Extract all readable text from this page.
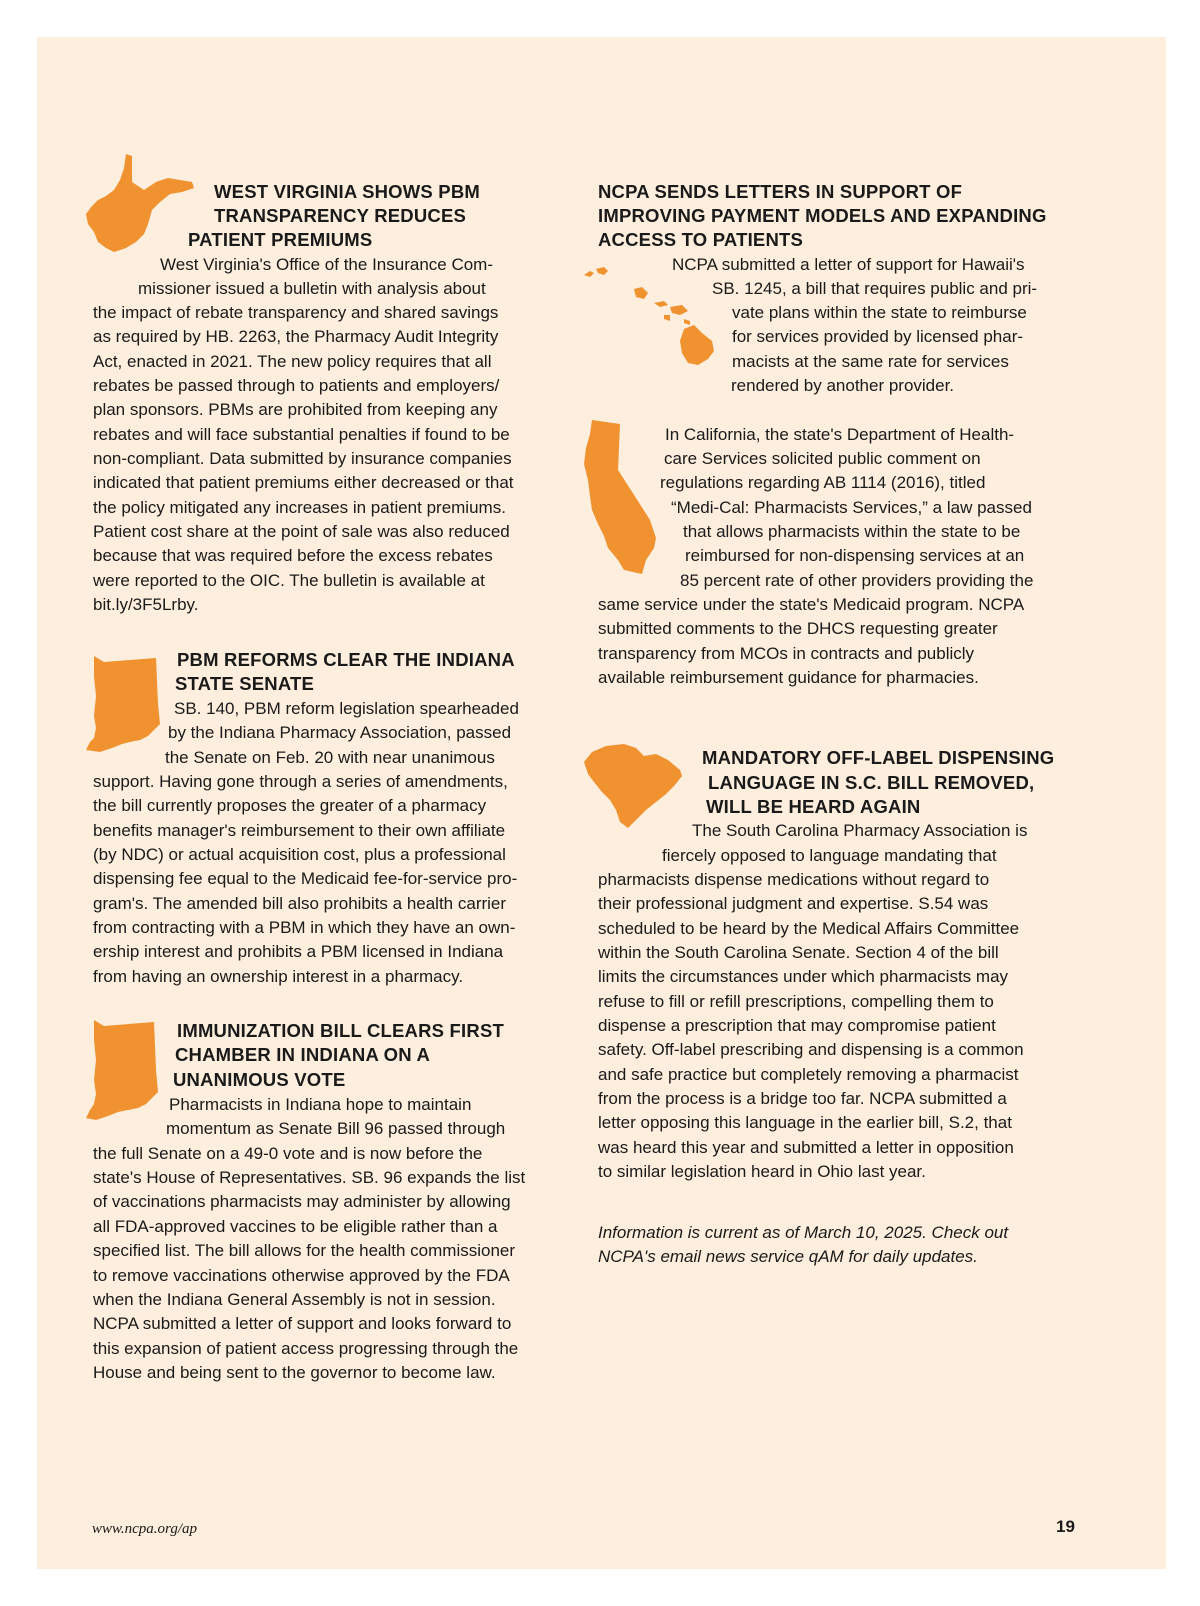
WEST VIRGINIA SHOWS PBM
TRANSPARENCY REDUCES
PATIENT PREMIUMS
West Virginia's Office of the Insurance Com-
missioner issued a bulletin with analysis about
the impact of rebate transparency and shared savings
as required by HB. 2263, the Pharmacy Audit Integrity
Act, enacted in 2021. The new policy requires that all
rebates be passed through to patients and employers/
plan sponsors. PBMs are prohibited from keeping any
rebates and will face substantial penalties if found to be
non-compliant. Data submitted by insurance companies
indicated that patient premiums either decreased or that
the policy mitigated any increases in patient premiums.
Patient cost share at the point of sale was also reduced
because that was required before the excess rebates
were reported to the OIC. The bulletin is available at
bit.ly/3F5Lrby.
PBM REFORMS CLEAR THE INDIANA
STATE SENATE
SB. 140, PBM reform legislation spearheaded
by the Indiana Pharmacy Association, passed
the Senate on Feb. 20 with near unanimous
support. Having gone through a series of amendments,
the bill currently proposes the greater of a pharmacy
benefits manager's reimbursement to their own affiliate
(by NDC) or actual acquisition cost, plus a professional
dispensing fee equal to the Medicaid fee-for-service pro-
gram's. The amended bill also prohibits a health carrier
from contracting with a PBM in which they have an own-
ership interest and prohibits a PBM licensed in Indiana
from having an ownership interest in a pharmacy.
IMMUNIZATION BILL CLEARS FIRST
CHAMBER IN INDIANA ON A
UNANIMOUS VOTE
Pharmacists in Indiana hope to maintain
momentum as Senate Bill 96 passed through
the full Senate on a 49-0 vote and is now before the
state's House of Representatives. SB. 96 expands the list
of vaccinations pharmacists may administer by allowing
all FDA-approved vaccines to be eligible rather than a
specified list. The bill allows for the health commissioner
to remove vaccinations otherwise approved by the FDA
when the Indiana General Assembly is not in session.
NCPA submitted a letter of support and looks forward to
this expansion of patient access progressing through the
House and being sent to the governor to become law.
NCPA SENDS LETTERS IN SUPPORT OF
IMPROVING PAYMENT MODELS AND EXPANDING
ACCESS TO PATIENTS
NCPA submitted a letter of support for Hawaii's
SB. 1245, a bill that requires public and pri-
vate plans within the state to reimburse
for services provided by licensed phar-
macists at the same rate for services
rendered by another provider.
In California, the state's Department of Health-
care Services solicited public comment on
regulations regarding AB 1114 (2016), titled
“Medi-Cal: Pharmacists Services,” a law passed
that allows pharmacists within the state to be
reimbursed for non-dispensing services at an
85 percent rate of other providers providing the
same service under the state's Medicaid program. NCPA
submitted comments to the DHCS requesting greater
transparency from MCOs in contracts and publicly
available reimbursement guidance for pharmacies.
MANDATORY OFF-LABEL DISPENSING
LANGUAGE IN S.C. BILL REMOVED,
WILL BE HEARD AGAIN
The South Carolina Pharmacy Association is
fiercely opposed to language mandating that
pharmacists dispense medications without regard to
their professional judgment and expertise. S.54 was
scheduled to be heard by the Medical Affairs Committee
within the South Carolina Senate. Section 4 of the bill
limits the circumstances under which pharmacists may
refuse to fill or refill prescriptions, compelling them to
dispense a prescription that may compromise patient
safety. Off-label prescribing and dispensing is a common
and safe practice but completely removing a pharmacist
from the process is a bridge too far. NCPA submitted a
letter opposing this language in the earlier bill, S.2, that
was heard this year and submitted a letter in opposition
to similar legislation heard in Ohio last year.
Information is current as of March 10, 2025. Check out
NCPA's email news service qAM for daily updates.
www.ncpa.org/ap	19
